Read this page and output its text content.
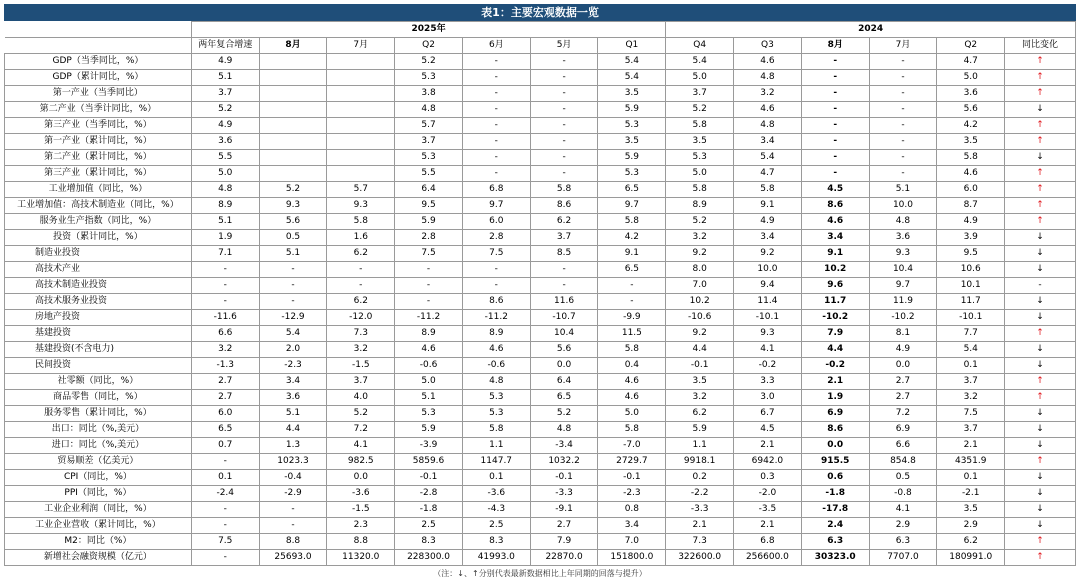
表1：主要宏观数据一览
	2025年							2024					
	两年复合增速	8月	7月	Q2	6月	5月	Q1	Q4	Q3	8月	7月	Q2	同比变化
GDP（当季同比，%）	4.9			5.2	-	-	5.4	5.4	4.6	-	-	4.7	↑
GDP（累计同比，%）	5.1			5.3	-	-	5.4	5.0	4.8	-	-	5.0	↑
第一产业（当季同比）	3.7			3.8	-	-	3.5	3.7	3.2	-	-	3.6	↑
第二产业（当季计同比，%）	5.2			4.8	-	-	5.9	5.2	4.6	-	-	5.6	↓
第三产业（当季同比，%）	4.9			5.7	-	-	5.3	5.8	4.8	-	-	4.2	↑
第一产业（累计同比，%）	3.6			3.7	-	-	3.5	3.5	3.4	-	-	3.5	↑
第二产业（累计同比，%）	5.5			5.3	-	-	5.9	5.3	5.4	-	-	5.8	↓
第三产业（累计同比，%）	5.0			5.5	-	-	5.3	5.0	4.7	-	-	4.6	↑
工业增加值（同比，%）	4.8	5.2	5.7	6.4	6.8	5.8	6.5	5.8	5.8	4.5	5.1	6.0	↑
工业增加值：高技术制造业（同比，%）	8.9	9.3	9.3	9.5	9.7	8.6	9.7	8.9	9.1	8.6	10.0	8.7	↑
服务业生产指数（同比，%）	5.1	5.6	5.8	5.9	6.0	6.2	5.8	5.2	4.9	4.6	4.8	4.9	↑
投资（累计同比，%）	1.9	0.5	1.6	2.8	2.8	3.7	4.2	3.2	3.4	3.4	3.6	3.9	↓
制造业投资	7.1	5.1	6.2	7.5	7.5	8.5	9.1	9.2	9.2	9.1	9.3	9.5	↓
高技术产业	-	-	-	-	-	-	6.5	8.0	10.0	10.2	10.4	10.6	↓
高技术制造业投资	-	-	-	-	-	-	-	7.0	9.4	9.6	9.7	10.1	-
高技术服务业投资	-	-	6.2	-	8.6	11.6	-	10.2	11.4	11.7	11.9	11.7	↓
房地产投资	-11.6	-12.9	-12.0	-11.2	-11.2	-10.7	-9.9	-10.6	-10.1	-10.2	-10.2	-10.1	↓
基建投资	6.6	5.4	7.3	8.9	8.9	10.4	11.5	9.2	9.3	7.9	8.1	7.7	↑
基建投资(不含电力)	3.2	2.0	3.2	4.6	4.6	5.6	5.8	4.4	4.1	4.4	4.9	5.4	↓
民间投资	-1.3	-2.3	-1.5	-0.6	-0.6	0.0	0.4	-0.1	-0.2	-0.2	0.0	0.1	↓
社零额（同比，%）	2.7	3.4	3.7	5.0	4.8	6.4	4.6	3.5	3.3	2.1	2.7	3.7	↑
商品零售（同比，%）	2.7	3.6	4.0	5.1	5.3	6.5	4.6	3.2	3.0	1.9	2.7	3.2	↑
服务零售（累计同比，%）	6.0	5.1	5.2	5.3	5.3	5.2	5.0	6.2	6.7	6.9	7.2	7.5	↓
出口：同比（%,美元）	6.5	4.4	7.2	5.9	5.8	4.8	5.8	5.9	4.5	8.6	6.9	3.7	↓
进口：同比（%,美元）	0.7	1.3	4.1	-3.9	1.1	-3.4	-7.0	1.1	2.1	0.0	6.6	2.1	↓
贸易顺差（亿美元）	-	1023.3	982.5	5859.6	1147.7	1032.2	2729.7	9918.1	6942.0	915.5	854.8	4351.9	↑
CPI（同比，%）	0.1	-0.4	0.0	-0.1	0.1	-0.1	-0.1	0.2	0.3	0.6	0.5	0.1	↓
PPI（同比，%）	-2.4	-2.9	-3.6	-2.8	-3.6	-3.3	-2.3	-2.2	-2.0	-1.8	-0.8	-2.1	↓
工业企业利润（同比，%）	-	-	-1.5	-1.8	-4.3	-9.1	0.8	-3.3	-3.5	-17.8	4.1	3.5	↓
工业企业营收（累计同比，%）	-	-	2.3	2.5	2.5	2.7	3.4	2.1	2.1	2.4	2.9	2.9	↓
M2：同比（%）	7.5	8.8	8.8	8.3	8.3	7.9	7.0	7.3	6.8	6.3	6.3	6.2	↑
新增社会融资规模（亿元）	-	25693.0	11320.0	228300.0	41993.0	22870.0	151800.0	322600.0	256600.0	30323.0	7707.0	180991.0	↑
（注：↓、↑分别代表最新数据相比上年同期的回落与提升）
